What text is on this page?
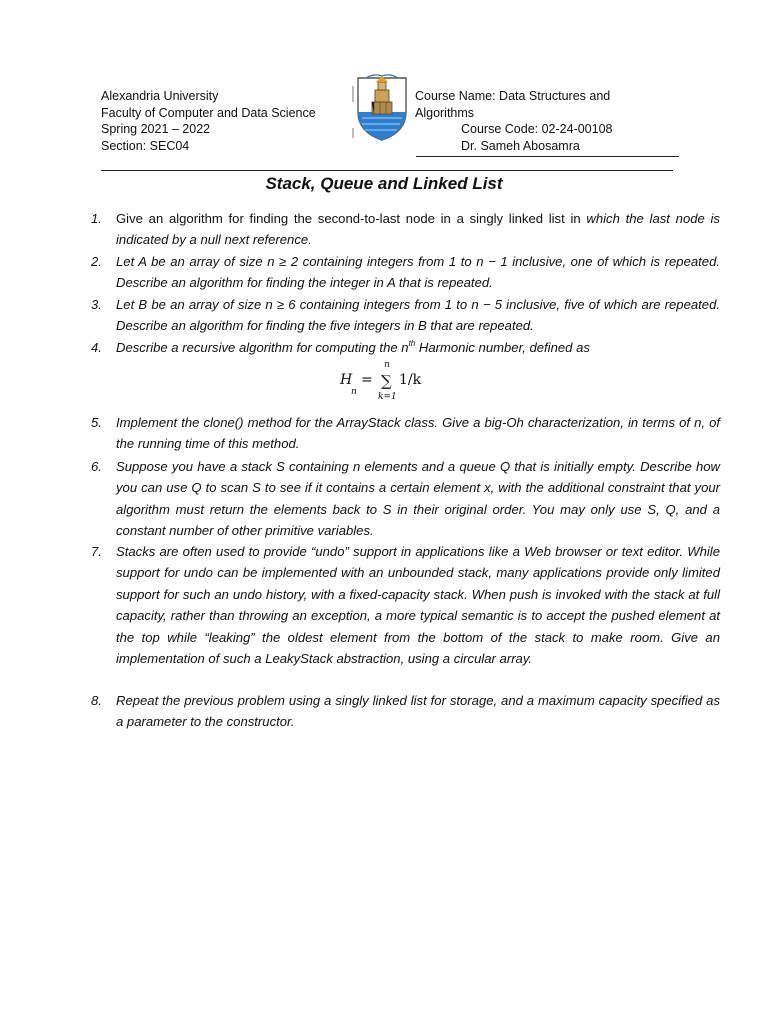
Alexandria University
Faculty of Computer and Data Science
Spring 2021 – 2022
Section: SEC04
Course Name: Data Structures and
Algorithms
Course Code: 02-24-00108
Dr. Sameh Abosamra
Stack, Queue and Linked List
1. Give an algorithm for finding the second-to-last node in a singly linked list in which the last node is indicated by a null next reference.
2. Let A be an array of size n ≥ 2 containing integers from 1 to n − 1 inclusive, one of which is repeated. Describe an algorithm for finding the integer in A that is repeated.
3. Let B be an array of size n ≥ 6 containing integers from 1 to n − 5 inclusive, five of which are repeated. Describe an algorithm for finding the five integers in B that are repeated.
4. Describe a recursive algorithm for computing the $n^{th}$ Harmonic number, defined as
H
n
=
n
∑
k=1
1/k
5. Implement the clone() method for the ArrayStack class. Give a big-Oh characterization, in terms of n, of the running time of this method.
6. Suppose you have a stack S containing n elements and a queue Q that is initially empty. Describe how you can use Q to scan S to see if it contains a certain element x, with the additional constraint that your algorithm must return the elements back to S in their original order. You may only use S, Q, and a constant number of other primitive variables.
7. Stacks are often used to provide “undo” support in applications like a Web browser or text editor. While support for undo can be implemented with an unbounded stack, many applications provide only limited support for such an undo history, with a fixed-capacity stack. When push is invoked with the stack at full capacity, rather than throwing an exception, a more typical semantic is to accept the pushed element at the top while “leaking” the oldest element from the bottom of the stack to make room. Give an implementation of such a LeakyStack abstraction, using a circular array.
8. Repeat the previous problem using a singly linked list for storage, and a maximum capacity specified as a parameter to the constructor.
